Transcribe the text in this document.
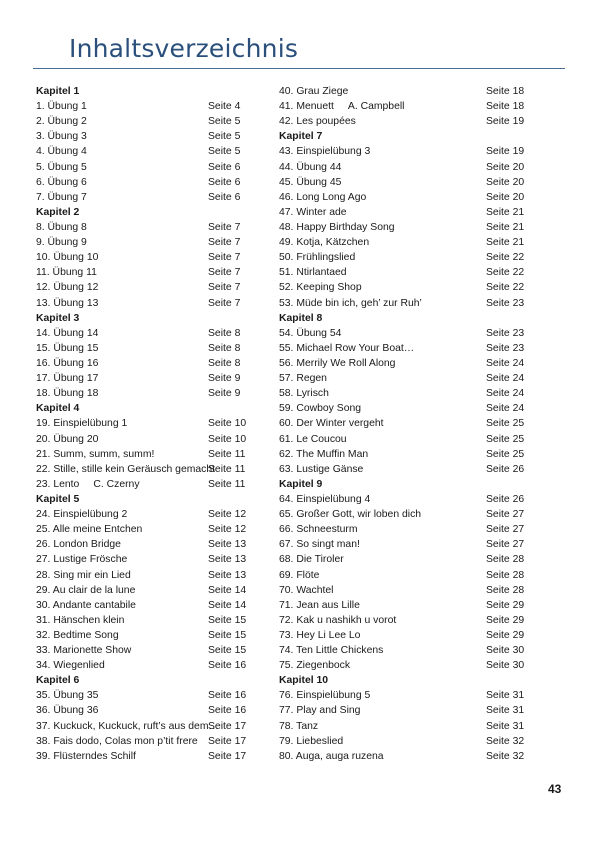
Inhaltsverzeichnis
Kapitel 1
1. Übung 1	Seite 4
2. Übung 2	Seite 5
3. Übung 3	Seite 5
4. Übung 4	Seite 5
5. Übung 5	Seite 6
6. Übung 6	Seite 6
7. Übung 7	Seite 6
Kapitel 2
8. Übung 8	Seite 7
9. Übung 9	Seite 7
10. Übung 10	Seite 7
11. Übung 11	Seite 7
12. Übung 12	Seite 7
13. Übung 13	Seite 7
Kapitel 3
14. Übung 14	Seite 8
15. Übung 15	Seite 8
16. Übung 16	Seite 8
17. Übung 17	Seite 9
18. Übung 18	Seite 9
Kapitel 4
19. Einspielübung 1	Seite 10
20. Übung 20	Seite 10
21. Summ, summ, summ!	Seite 11
22. Stille, stille kein Geräusch gemacht
Seite 11
23. Lento C. Czerny	Seite 11
Kapitel 5
24. Einspielübung 2	Seite 12
25. Alle meine Entchen	Seite 12
26. London Bridge	Seite 13
27. Lustige Frösche	Seite 13
28. Sing mir ein Lied	Seite 13
29. Au clair de la lune	Seite 14
30. Andante cantabile	Seite 14
31. Hänschen klein	Seite 15
32. Bedtime Song	Seite 15
33. Marionette Show	Seite 15
34. Wiegenlied	Seite 16
Kapitel 6
35. Übung 35	Seite 16
36. Übung 36	Seite 16
37. Kuckuck, Kuckuck, ruft’s aus dem…
Seite 17
38. Fais dodo, Colas mon p’tit frere Seite 17
39. Flüsterndes Schilf	Seite 17
40. Grau Ziege	Seite 18
41. Menuett A. Campbell	Seite 18
42. Les poupées	Seite 19
Kapitel 7
43. Einspielübung 3	Seite 19
44. Übung 44	Seite 20
45. Übung 45	Seite 20
46. Long Long Ago	Seite 20
47. Winter ade	Seite 21
48. Happy Birthday Song	Seite 21
49. Kotja, Kätzchen	Seite 21
50. Frühlingslied	Seite 22
51. Ntirlantaed	Seite 22
52. Keeping Shop	Seite 22
53. Müde bin ich, geh’ zur Ruh’	Seite 23
Kapitel 8
54. Übung 54	Seite 23
55. Michael Row Your Boat…	Seite 23
56. Merrily We Roll Along	Seite 24
57. Regen	Seite 24
58. Lyrisch	Seite 24
59. Cowboy Song	Seite 24
60. Der Winter vergeht	Seite 25
61. Le Coucou	Seite 25
62. The Muffin Man	Seite 25
63. Lustige Gänse	Seite 26
Kapitel 9
64. Einspielübung 4	Seite 26
65. Großer Gott, wir loben dich	Seite 27
66. Schneesturm	Seite 27
67. So singt man!	Seite 27
68. Die Tiroler	Seite 28
69. Flöte	Seite 28
70. Wachtel	Seite 28
71. Jean aus Lille	Seite 29
72. Kak u nashikh u vorot	Seite 29
73. Hey Li Lee Lo	Seite 29
74. Ten Little Chickens	Seite 30
75. Ziegenbock	Seite 30
Kapitel 10
76. Einspielübung 5	Seite 31
77. Play and Sing	Seite 31
78. Tanz	Seite 31
79. Liebeslied	Seite 32
80. Auga, auga ruzena	Seite 32
43
